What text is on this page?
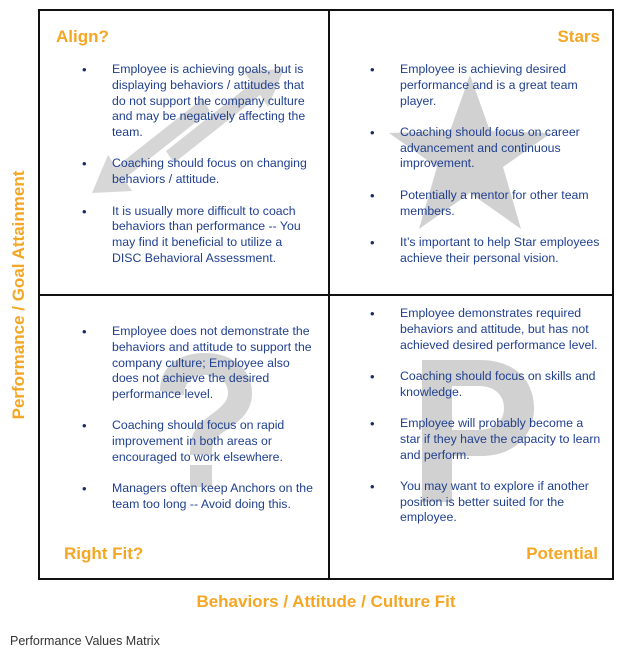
Align?
• Employee is achieving goals, but is displaying behaviors / attitudes that do not support the company culture and may be negatively affecting the team.
• Coaching should focus on changing behaviors / attitude.
• It is usually more difficult to coach behaviors than performance -- You may find it beneficial to utilize a DISC Behavioral Assessment.
Stars
• Employee is achieving desired performance and is a great team player.
• Coaching should focus on career advancement and continuous improvement.
• Potentially a mentor for other team members.
• It’s important to help Star employees achieve their personal vision.
Right Fit?
• Employee does not demonstrate the behaviors and attitude to support the company culture; Employee also does not achieve the desired performance level.
• Coaching should focus on rapid improvement in both areas or encouraged to work elsewhere.
• Managers often keep Anchors on the team too long -- Avoid doing this.
Potential
• Employee demonstrates required behaviors and attitude, but has not achieved desired performance level.
• Coaching should focus on skills and knowledge.
• Employee will probably become a star if they have the capacity to learn and perform.
• You may want to explore if another position is better suited for the employee.
Performance / Goal Attainment
Behaviors / Attitude / Culture Fit
Performance Values Matrix
